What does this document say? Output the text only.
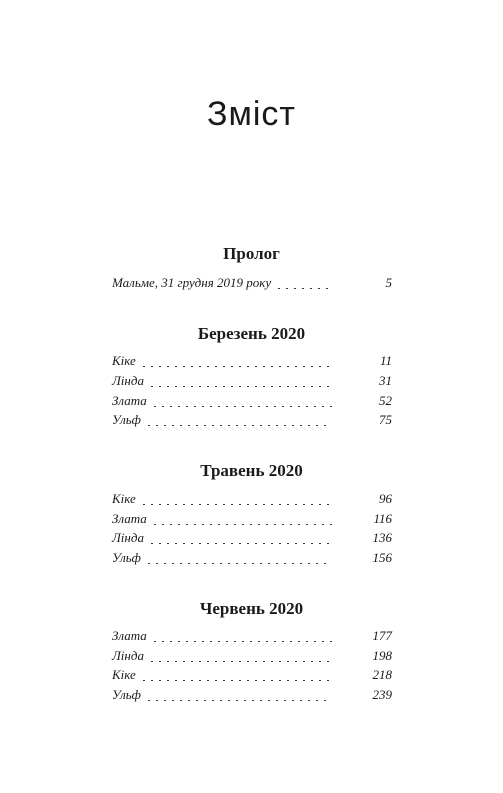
Зміст
Пролог
Мальме, 31 грудня 2019 року	5
Березень 2020
Кіке	11
Лінда	31
Злата	52
Ульф	75
Травень 2020
Кіке	96
Злата	116
Лінда	136
Ульф	156
Червень 2020
Злата	177
Лінда	198
Кіке	218
Ульф	239
